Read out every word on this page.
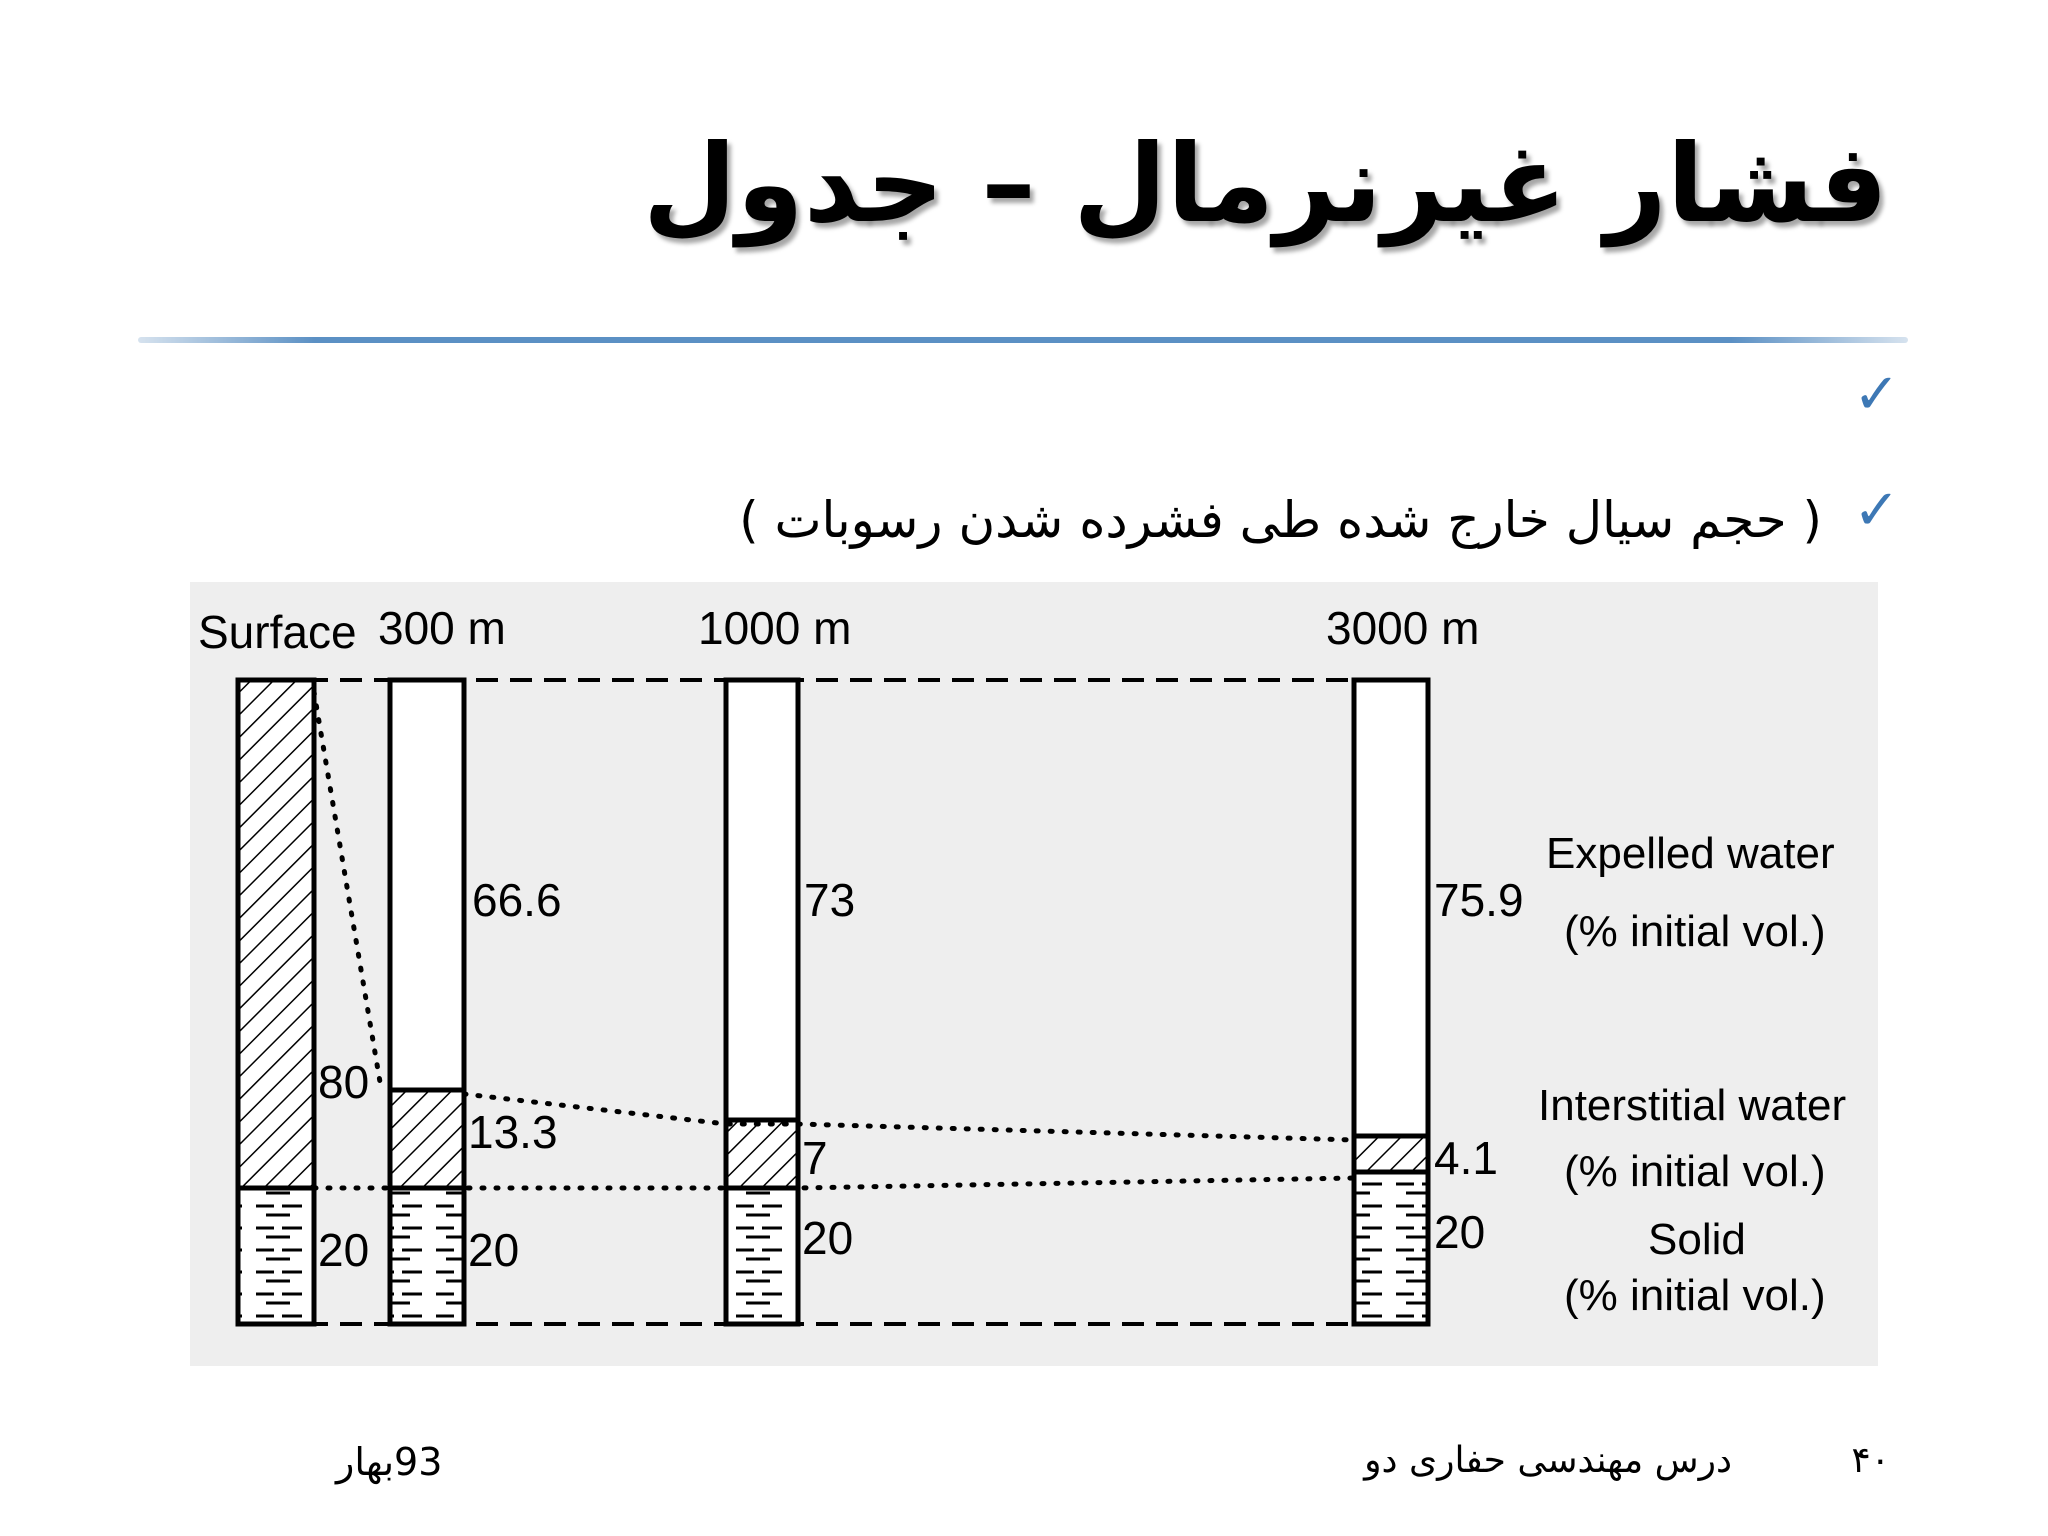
فشار غیرنرمال – جدول
✓
✓
( حجم سیال خارج شده طی فشرده شدن رسوبات )
Surface 300 m	1000 m	3000 m
80
20
66.6
13.3
20
73
7
20
75.9
4.1
20
Expelled water
(% initial vol.)
Interstitial water
(% initial vol.)
Solid
(% initial vol.)
درس مهندسی حفاری دو	۴۰
93بهار
